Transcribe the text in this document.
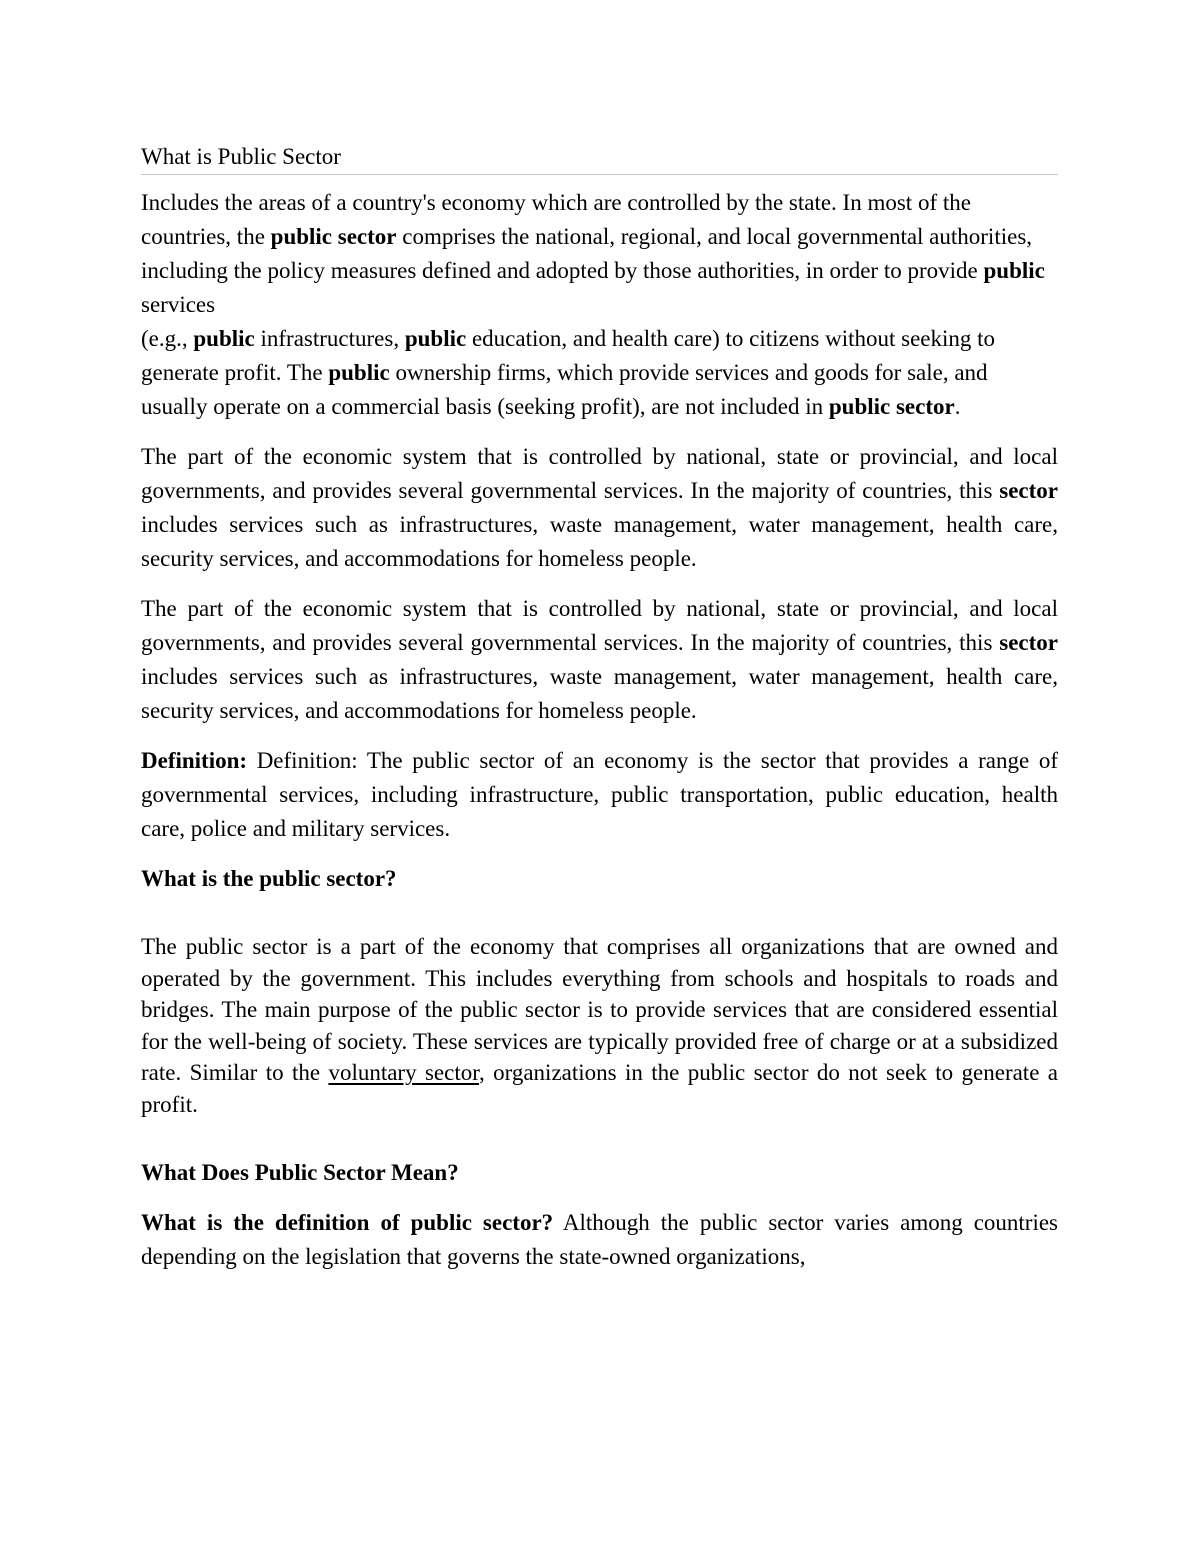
What is Public Sector

Includes the areas of a country's economy which are controlled by the state. In most of the countries, the public sector comprises the national, regional, and local governmental authorities, including the policy measures defined and adopted by those authorities, in order to provide public services
(e.g., public infrastructures, public education, and health care) to citizens without seeking to generate profit. The public ownership firms, which provide services and goods for sale, and usually operate on a commercial basis (seeking profit), are not included in public sector.

The part of the economic system that is controlled by national, state or provincial, and local governments, and provides several governmental services. In the majority of countries, this sector includes services such as infrastructures, waste management, water management, health care, security services, and accommodations for homeless people.

The part of the economic system that is controlled by national, state or provincial, and local governments, and provides several governmental services. In the majority of countries, this sector includes services such as infrastructures, waste management, water management, health care, security services, and accommodations for homeless people.

Definition: Definition: The public sector of an economy is the sector that provides a range of governmental services, including infrastructure, public transportation, public education, health care, police and military services.

What is the public sector?

The public sector is a part of the economy that comprises all organizations that are owned and operated by the government. This includes everything from schools and hospitals to roads and bridges. The main purpose of the public sector is to provide services that are considered essential for the well-being of society. These services are typically provided free of charge or at a subsidized rate. Similar to the voluntary sector, organizations in the public sector do not seek to generate a profit.

What Does Public Sector Mean?

What is the definition of public sector? Although the public sector varies among countries depending on the legislation that governs the state-owned organizations,
